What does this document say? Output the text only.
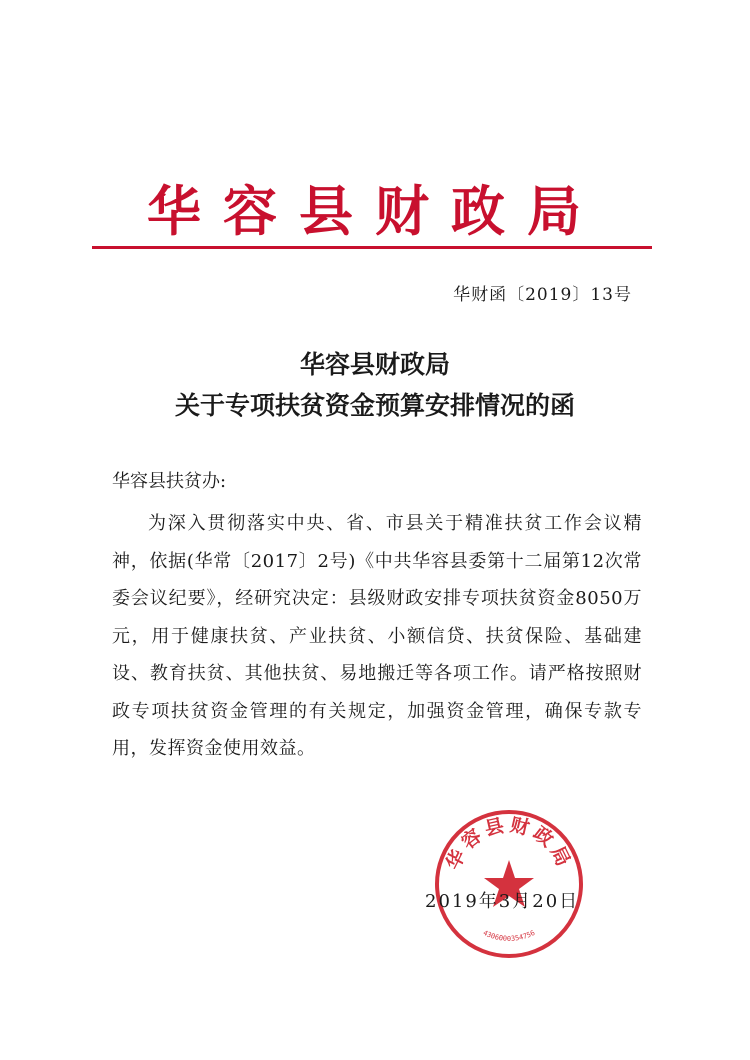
华容县财政局
华财函〔2019〕13号
华容县财政局
关于专项扶贫资金预算安排情况的函
华容县扶贫办:
为深入贯彻落实中央、省、市县关于精准扶贫工作会议精神，依据(华常〔2017〕2号)《中共华容县委第十二届第12次常委会议纪要》，经研究决定：县级财政安排专项扶贫资金8050万元，用于健康扶贫、产业扶贫、小额信贷、扶贫保险、基础建设、教育扶贫、其他扶贫、易地搬迁等各项工作。请严格按照财政专项扶贫资金管理的有关规定，加强资金管理，确保专款专用，发挥资金使用效益。
华容县财政局
4306000354756
2019年3月20日
